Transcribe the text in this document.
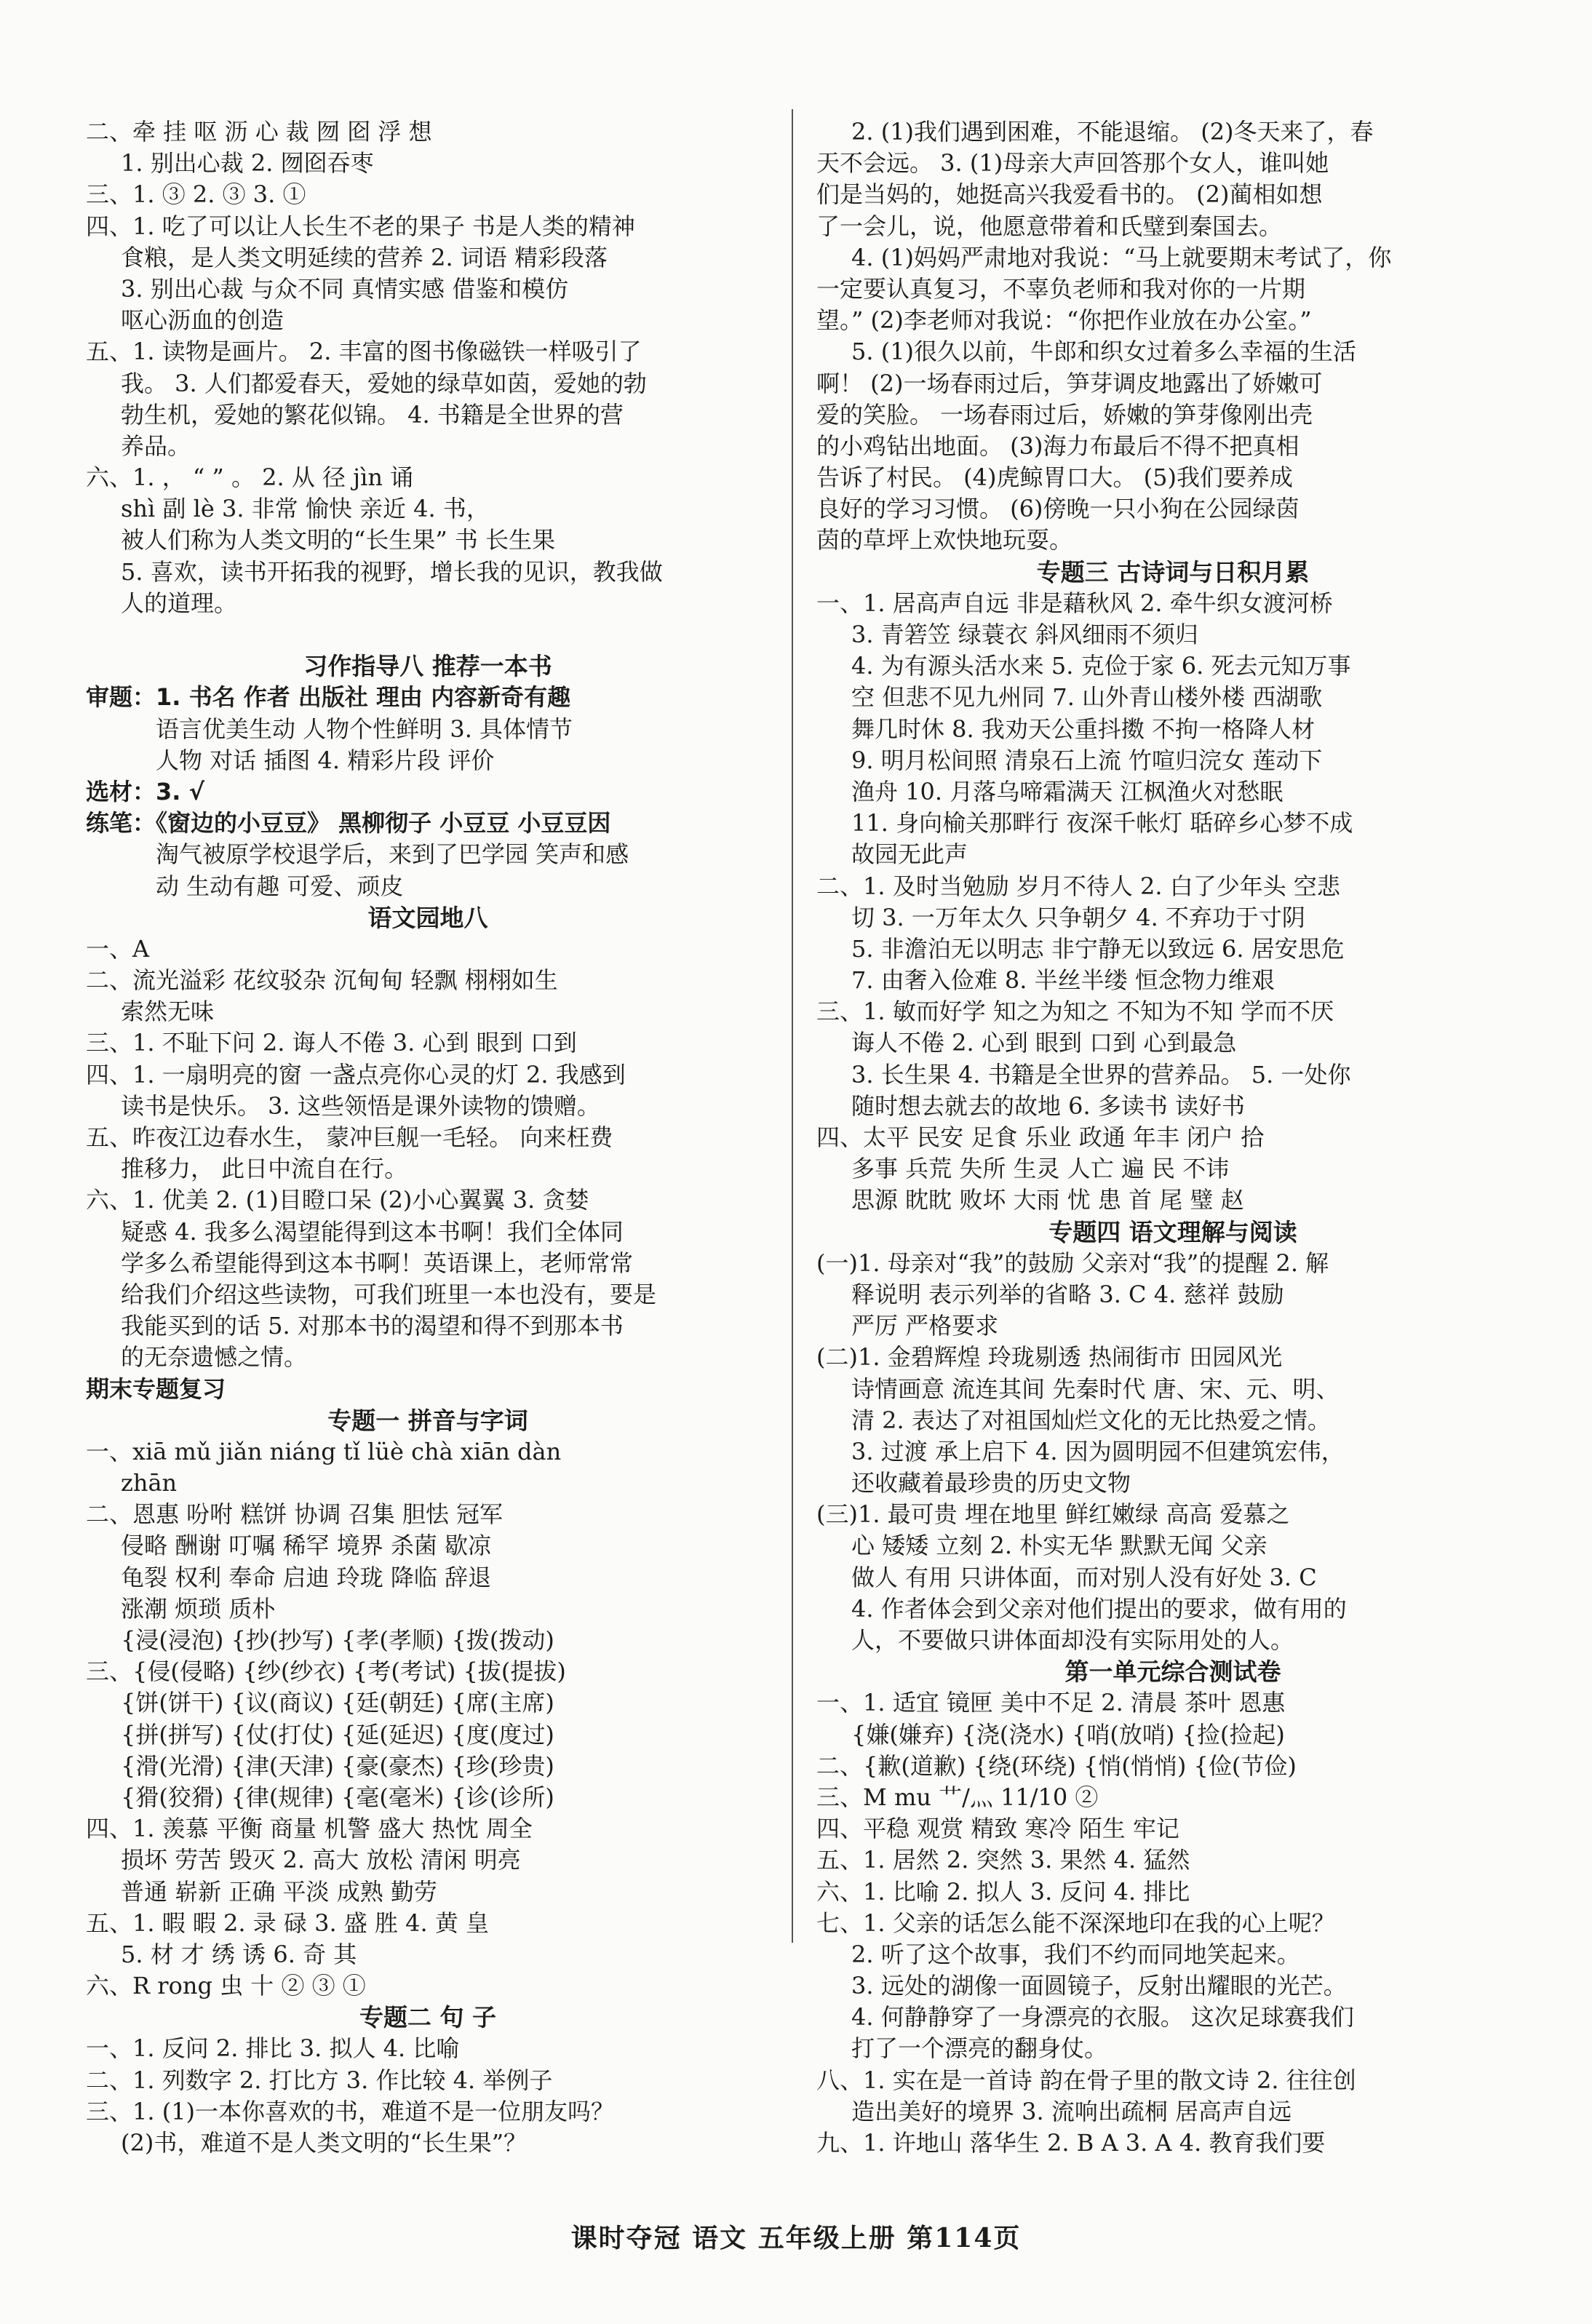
二、牵 挂 呕 沥 心 裁 囫 囵 浮 想
1. 别出心裁 2. 囫囵吞枣
三、1. ③ 2. ③ 3. ①
四、1. 吃了可以让人长生不老的果子 书是人类的精神
食粮，是人类文明延续的营养 2. 词语 精彩段落
3. 别出心裁 与众不同 真情实感 借鉴和模仿
呕心沥血的创造
五、1. 读物是画片。 2. 丰富的图书像磁铁一样吸引了
我。 3. 人们都爱春天，爱她的绿草如茵，爱她的勃
勃生机，爱她的繁花似锦。 4. 书籍是全世界的营
养品。
六、1. ， “ ” 。 2. 从 径 jìn 诵
shì 副 lè 3. 非常 愉快 亲近 4. 书，
被人们称为人类文明的“长生果” 书 长生果
5. 喜欢，读书开拓我的视野，增长我的见识，教我做
人的道理。
习作指导八 推荐一本书
审题：1. 书名 作者 出版社 理由 内容新奇有趣
语言优美生动 人物个性鲜明 3. 具体情节
人物 对话 插图 4. 精彩片段 评价
选材：3. √
练笔：《窗边的小豆豆》 黑柳彻子 小豆豆 小豆豆因
淘气被原学校退学后，来到了巴学园 笑声和感
动 生动有趣 可爱、顽皮
语文园地八
一、A
二、流光溢彩 花纹驳杂 沉甸甸 轻飘 栩栩如生
索然无味
三、1. 不耻下问 2. 诲人不倦 3. 心到 眼到 口到
四、1. 一扇明亮的窗 一盏点亮你心灵的灯 2. 我感到
读书是快乐。 3. 这些领悟是课外读物的馈赠。
五、昨夜江边春水生， 蒙冲巨舰一毛轻。 向来枉费
推移力， 此日中流自在行。
六、1. 优美 2. (1)目瞪口呆 (2)小心翼翼 3. 贪婪
疑惑 4. 我多么渴望能得到这本书啊！我们全体同
学多么希望能得到这本书啊！英语课上，老师常常
给我们介绍这些读物，可我们班里一本也没有，要是
我能买到的话 5. 对那本书的渴望和得不到那本书
的无奈遗憾之情。
期末专题复习
专题一 拼音与字词
一、xiā mǔ jiǎn niáng tǐ lüè chà xiān dàn
zhān
二、恩惠 吩咐 糕饼 协调 召集 胆怯 冠军
侵略 酬谢 叮嘱 稀罕 境界 杀菌 歇凉
龟裂 权利 奉命 启迪 玲珑 降临 辞退
涨潮 烦琐 质朴
{浸(浸泡) {抄(抄写) {孝(孝顺) {拨(拨动)
三、{侵(侵略) {纱(纱衣) {考(考试) {拔(提拔)
{饼(饼干) {议(商议) {廷(朝廷) {席(主席)
{拼(拼写) {仗(打仗) {延(延迟) {度(度过)
{滑(光滑) {津(天津) {豪(豪杰) {珍(珍贵)
{猾(狡猾) {律(规律) {毫(毫米) {诊(诊所)
四、1. 羡慕 平衡 商量 机警 盛大 热忱 周全
损坏 劳苦 毁灭 2. 高大 放松 清闲 明亮
普通 崭新 正确 平淡 成熟 勤劳
五、1. 暇 暇 2. 录 碌 3. 盛 胜 4. 黄 皇
5. 材 才 绣 诱 6. 奇 其
六、R rong 虫 十 ② ③ ①
专题二 句 子
一、1. 反问 2. 排比 3. 拟人 4. 比喻
二、1. 列数字 2. 打比方 3. 作比较 4. 举例子
三、1. (1)一本你喜欢的书，难道不是一位朋友吗？
(2)书，难道不是人类文明的“长生果”？
2. (1)我们遇到困难，不能退缩。 (2)冬天来了，春
天不会远。 3. (1)母亲大声回答那个女人，谁叫她
们是当妈的，她挺高兴我爱看书的。 (2)蔺相如想
了一会儿，说，他愿意带着和氏璧到秦国去。
4. (1)妈妈严肃地对我说：“马上就要期末考试了，你
一定要认真复习，不辜负老师和我对你的一片期
望。” (2)李老师对我说：“你把作业放在办公室。”
5. (1)很久以前，牛郎和织女过着多么幸福的生活
啊！ (2)一场春雨过后，笋芽调皮地露出了娇嫩可
爱的笑脸。 一场春雨过后，娇嫩的笋芽像刚出壳
的小鸡钻出地面。 (3)海力布最后不得不把真相
告诉了村民。 (4)虎鲸胃口大。 (5)我们要养成
良好的学习习惯。 (6)傍晚一只小狗在公园绿茵
茵的草坪上欢快地玩耍。
专题三 古诗词与日积月累
一、1. 居高声自远 非是藉秋风 2. 牵牛织女渡河桥
3. 青箬笠 绿蓑衣 斜风细雨不须归
4. 为有源头活水来 5. 克俭于家 6. 死去元知万事
空 但悲不见九州同 7. 山外青山楼外楼 西湖歌
舞几时休 8. 我劝天公重抖擞 不拘一格降人材
9. 明月松间照 清泉石上流 竹喧归浣女 莲动下
渔舟 10. 月落乌啼霜满天 江枫渔火对愁眠
11. 身向榆关那畔行 夜深千帐灯 聒碎乡心梦不成
故园无此声
二、1. 及时当勉励 岁月不待人 2. 白了少年头 空悲
切 3. 一万年太久 只争朝夕 4. 不弃功于寸阴
5. 非澹泊无以明志 非宁静无以致远 6. 居安思危
7. 由奢入俭难 8. 半丝半缕 恒念物力维艰
三、1. 敏而好学 知之为知之 不知为不知 学而不厌
诲人不倦 2. 心到 眼到 口到 心到最急
3. 长生果 4. 书籍是全世界的营养品。 5. 一处你
随时想去就去的故地 6. 多读书 读好书
四、太平 民安 足食 乐业 政通 年丰 闭户 拾
多事 兵荒 失所 生灵 人亡 遍 民 不讳
思源 眈眈 败坏 大雨 忧 患 首 尾 璧 赵
专题四 语文理解与阅读
(一)1. 母亲对“我”的鼓励 父亲对“我”的提醒 2. 解
释说明 表示列举的省略 3. C 4. 慈祥 鼓励
严厉 严格要求
(二)1. 金碧辉煌 玲珑剔透 热闹街市 田园风光
诗情画意 流连其间 先秦时代 唐、宋、元、明、
清 2. 表达了对祖国灿烂文化的无比热爱之情。
3. 过渡 承上启下 4. 因为圆明园不但建筑宏伟，
还收藏着最珍贵的历史文物
(三)1. 最可贵 埋在地里 鲜红嫩绿 高高 爱慕之
心 矮矮 立刻 2. 朴实无华 默默无闻 父亲
做人 有用 只讲体面，而对别人没有好处 3. C
4. 作者体会到父亲对他们提出的要求，做有用的
人，不要做只讲体面却没有实际用处的人。
第一单元综合测试卷
一、1. 适宜 镜匣 美中不足 2. 清晨 茶叶 恩惠
{嫌(嫌弃) {浇(浇水) {哨(放哨) {捡(捡起)
二、{歉(道歉) {绕(环绕) {悄(悄悄) {俭(节俭)
三、M mu 艹/灬 11/10 ②
四、平稳 观赏 精致 寒冷 陌生 牢记
五、1. 居然 2. 突然 3. 果然 4. 猛然
六、1. 比喻 2. 拟人 3. 反问 4. 排比
七、1. 父亲的话怎么能不深深地印在我的心上呢？
2. 听了这个故事，我们不约而同地笑起来。
3. 远处的湖像一面圆镜子，反射出耀眼的光芒。
4. 何静静穿了一身漂亮的衣服。 这次足球赛我们
打了一个漂亮的翻身仗。
八、1. 实在是一首诗 韵在骨子里的散文诗 2. 往往创
造出美好的境界 3. 流响出疏桐 居高声自远
九、1. 许地山 落华生 2. B A 3. A 4. 教育我们要
课时夺冠 语文 五年级上册 第114页
